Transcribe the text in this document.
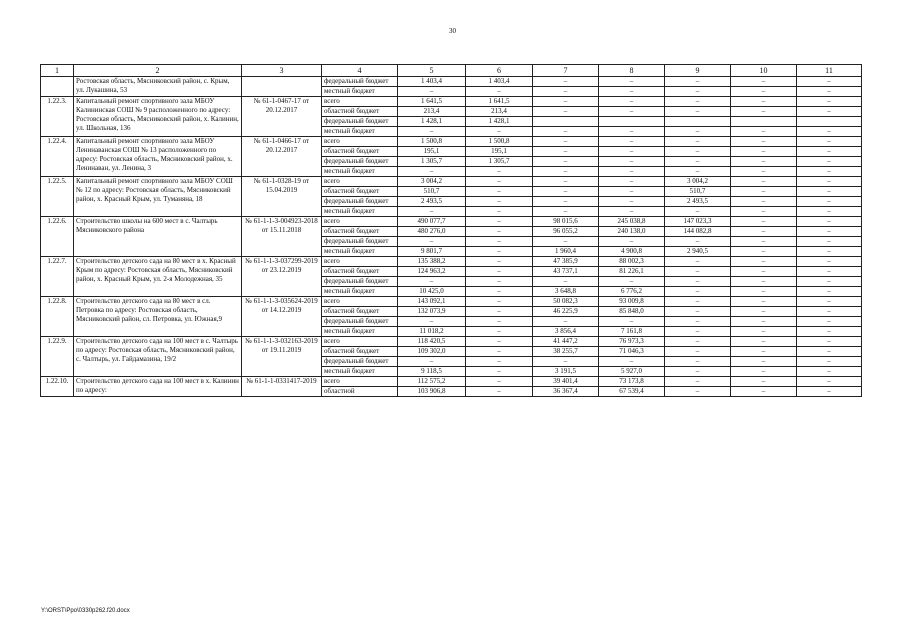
30
1	2	3	4	5	6	7	8	9	10	11
	Ростовская область, Мясниковский район, с. Крым, ул. Лукашина, 53		федеральный бюджет	1 403,4	1 403,4	–	–	–	–	–
			местный бюджет	–	–	–	–	–	–	–
1.22.3.	Капитальный ремонт спортивного зала МБОУ Калининская СОШ № 9 расположенного по адресу: Ростовская область, Мясниковский район, х. Калинин, ул. Школьная, 136	№ 61-1-0467-17 от 20.12.2017	всего	1 641,5	1 641,5	–	–	–	–	–
			областной бюджет	213,4	213,4	–	–	–	–	–
			федеральный бюджет	1 428,1	1 428,1					
			местный бюджет	–	–	–	–	–	–	–
1.22.4.	Капитальный ремонт спортивного зала МБОУ Ленинаванская СОШ № 13 расположенного по адресу: Ростовская область, Мясниковский район, х. Ленинаван, ул. Ленина, 3	№ 61-1-0466-17 от 20.12.2017	всего	1 500,8	1 500,8	–	–	–	–	–
			областной бюджет	195,1	195,1	–	–	–	–	–
			федеральный бюджет	1 305,7	1 305,7	–	–	–	–	–
			местный бюджет	–	–	–	–	–	–	–
1.22.5.	Капитальный ремонт спортивного зала МБОУ СОШ № 12 по адресу: Ростовская область, Мясниковский район, х. Красный Крым, ул. Туманяна, 18	№ 61-1-0328-19 от 15.04.2019	всего	3 004,2	–	–	–	3 004,2	–	–
			областной бюджет	510,7	–	–	–	510,7	–	–
			федеральный бюджет	2 493,5	–	–	–	2 493,5	–	–
			местный бюджет	–	–	–	–	–	–	–
1.22.6.	Строительство школы на 600 мест в с. Чалтырь Мясниковского района	№ 61-1-1-3-004923-2018 от 15.11.2018	всего	490 077,7	–	98 015,6	245 038,8	147 023,3	–	–
			областной бюджет	480 276,0	–	96 055,2	240 138,0	144 082,8	–	–
			федеральный бюджет	–	–	–	–	–	–	–
			местный бюджет	9 801,7	–	1 960,4	4 900,8	2 940,5	–	–
1.22.7.	Строительство детского сада на 80 мест в х. Красный Крым по адресу: Ростовская область, Мясниковский район, х. Красный Крым, ул. 2-я Молодежная, 35	№ 61-1-1-3-037299-2019 от 23.12.2019	всего	135 388,2	–	47 385,9	88 002,3	–	–	–
			областной бюджет	124 963,2	–	43 737,1	81 226,1	–	–	–
			федеральный бюджет	–	–	–	–	–	–	–
			местный бюджет	10 425,0	–	3 648,8	6 776,2	–	–	–
1.22.8.	Строительство детского сада на 80 мест в сл. Петровка по адресу: Ростовская область, Мясниковский район, сл. Петровка, ул. Южная,9	№ 61-1-1-3-035624-2019 от 14.12.2019	всего	143 092,1	–	50 082,3	93 009,8	–	–	–
			областной бюджет	132 073,9	–	46 225,9	85 848,0	–	–	–
			федеральный бюджет	–	–	–	–	–	–	–
			местный бюджет	11 018,2	–	3 856,4	7 161,8	–	–	–
1.22.9.	Строительство детского сада на 100 мест в с. Чалтырь по адресу: Ростовская область, Мясниковский район, с. Чалтырь, ул. Гайдамазина, 19/2	№ 61-1-1-3-032163-2019 от 19.11.2019	всего	118 420,5	–	41 447,2	76 973,3	–	–	–
			областной бюджет	109 302,0	–	38 255,7	71 046,3	–	–	–
			федеральный бюджет	–	–	–	–	–	–	–
			местный бюджет	9 118,5	–	3 191,5	5 927,0	–	–	–
1.22.10.	Строительство детского сада на 100 мест в х. Калинин по адресу:	№ 61-1-1-0331417-2019	всего	112 575,2	–	39 401,4	73 173,8	–	–	–
			областной	103 906,8	–	36 367,4	67 539,4	–	–	–
Y:\ORST\Ppo\0330p262.f20.docx
